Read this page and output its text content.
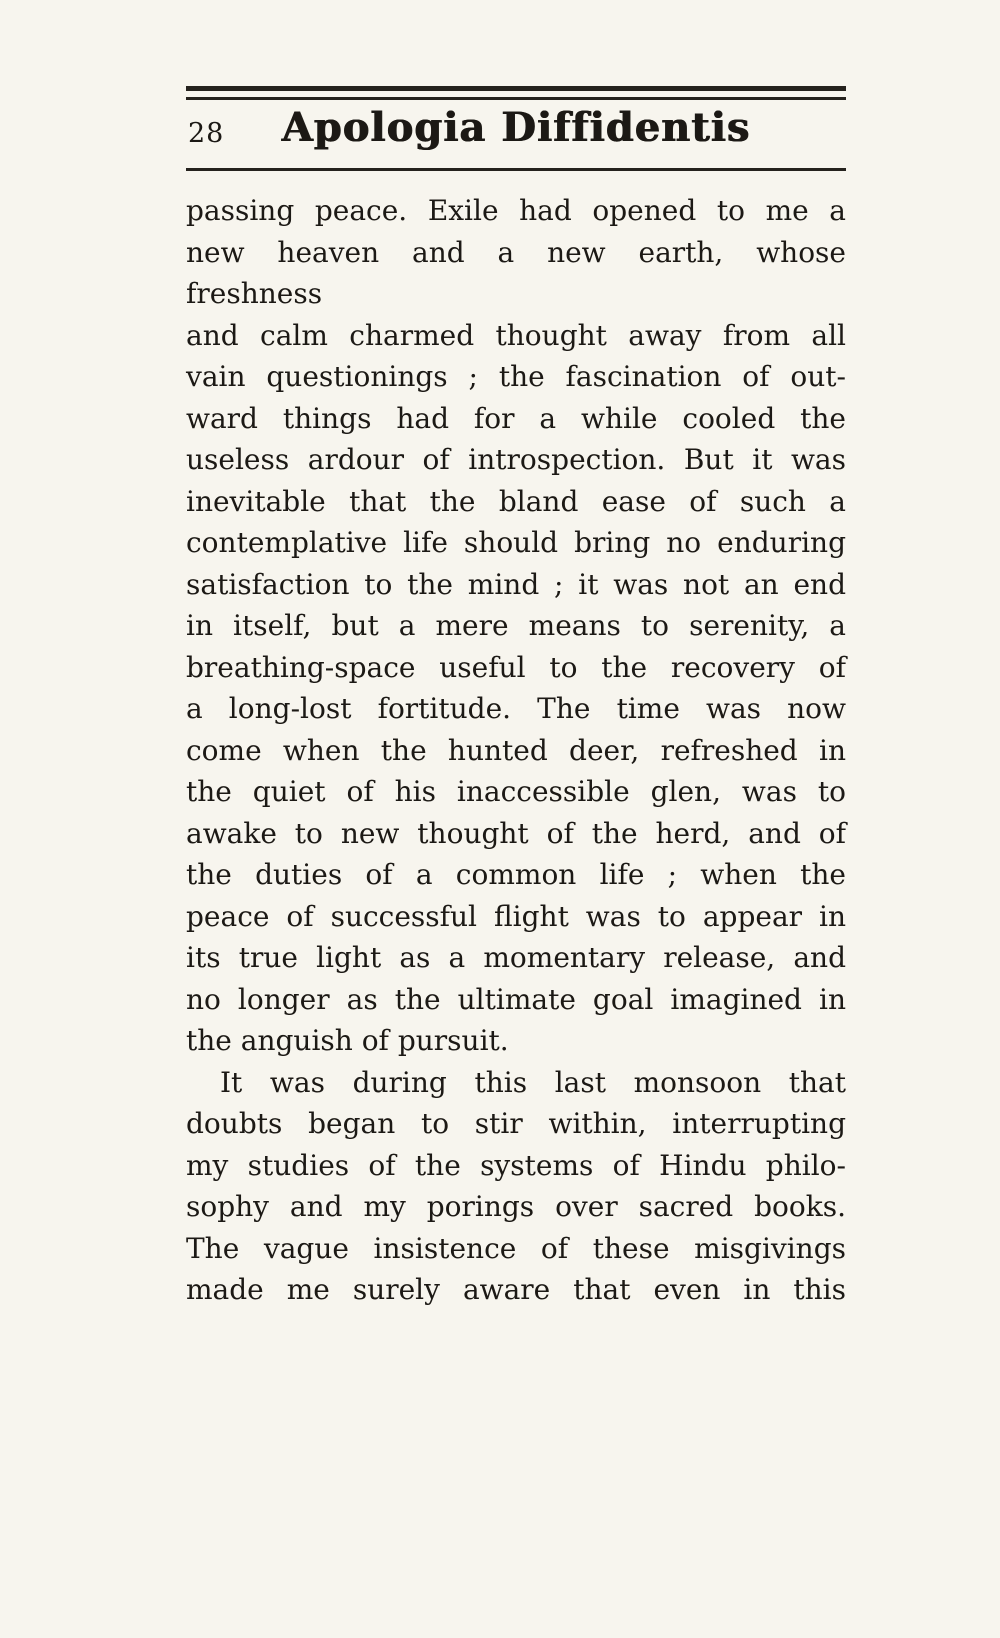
28	Apologia Diffidentis
passing peace. Exile had opened to me a
new heaven and a new earth, whose freshness
and calm charmed thought away from all
vain questionings ; the fascination of out-
ward things had for a while cooled the
useless ardour of introspection. But it was
inevitable that the bland ease of such a
contemplative life should bring no enduring
satisfaction to the mind ; it was not an end
in itself, but a mere means to serenity, a
breathing-space useful to the recovery of
a long-lost fortitude. The time was now
come when the hunted deer, refreshed in
the quiet of his inaccessible glen, was to
awake to new thought of the herd, and of
the duties of a common life ; when the
peace of successful flight was to appear in
its true light as a momentary release, and
no longer as the ultimate goal imagined in
the anguish of pursuit.
It was during this last monsoon that
doubts began to stir within, interrupting
my studies of the systems of Hindu philo-
sophy and my porings over sacred books.
The vague insistence of these misgivings
made me surely aware that even in this
